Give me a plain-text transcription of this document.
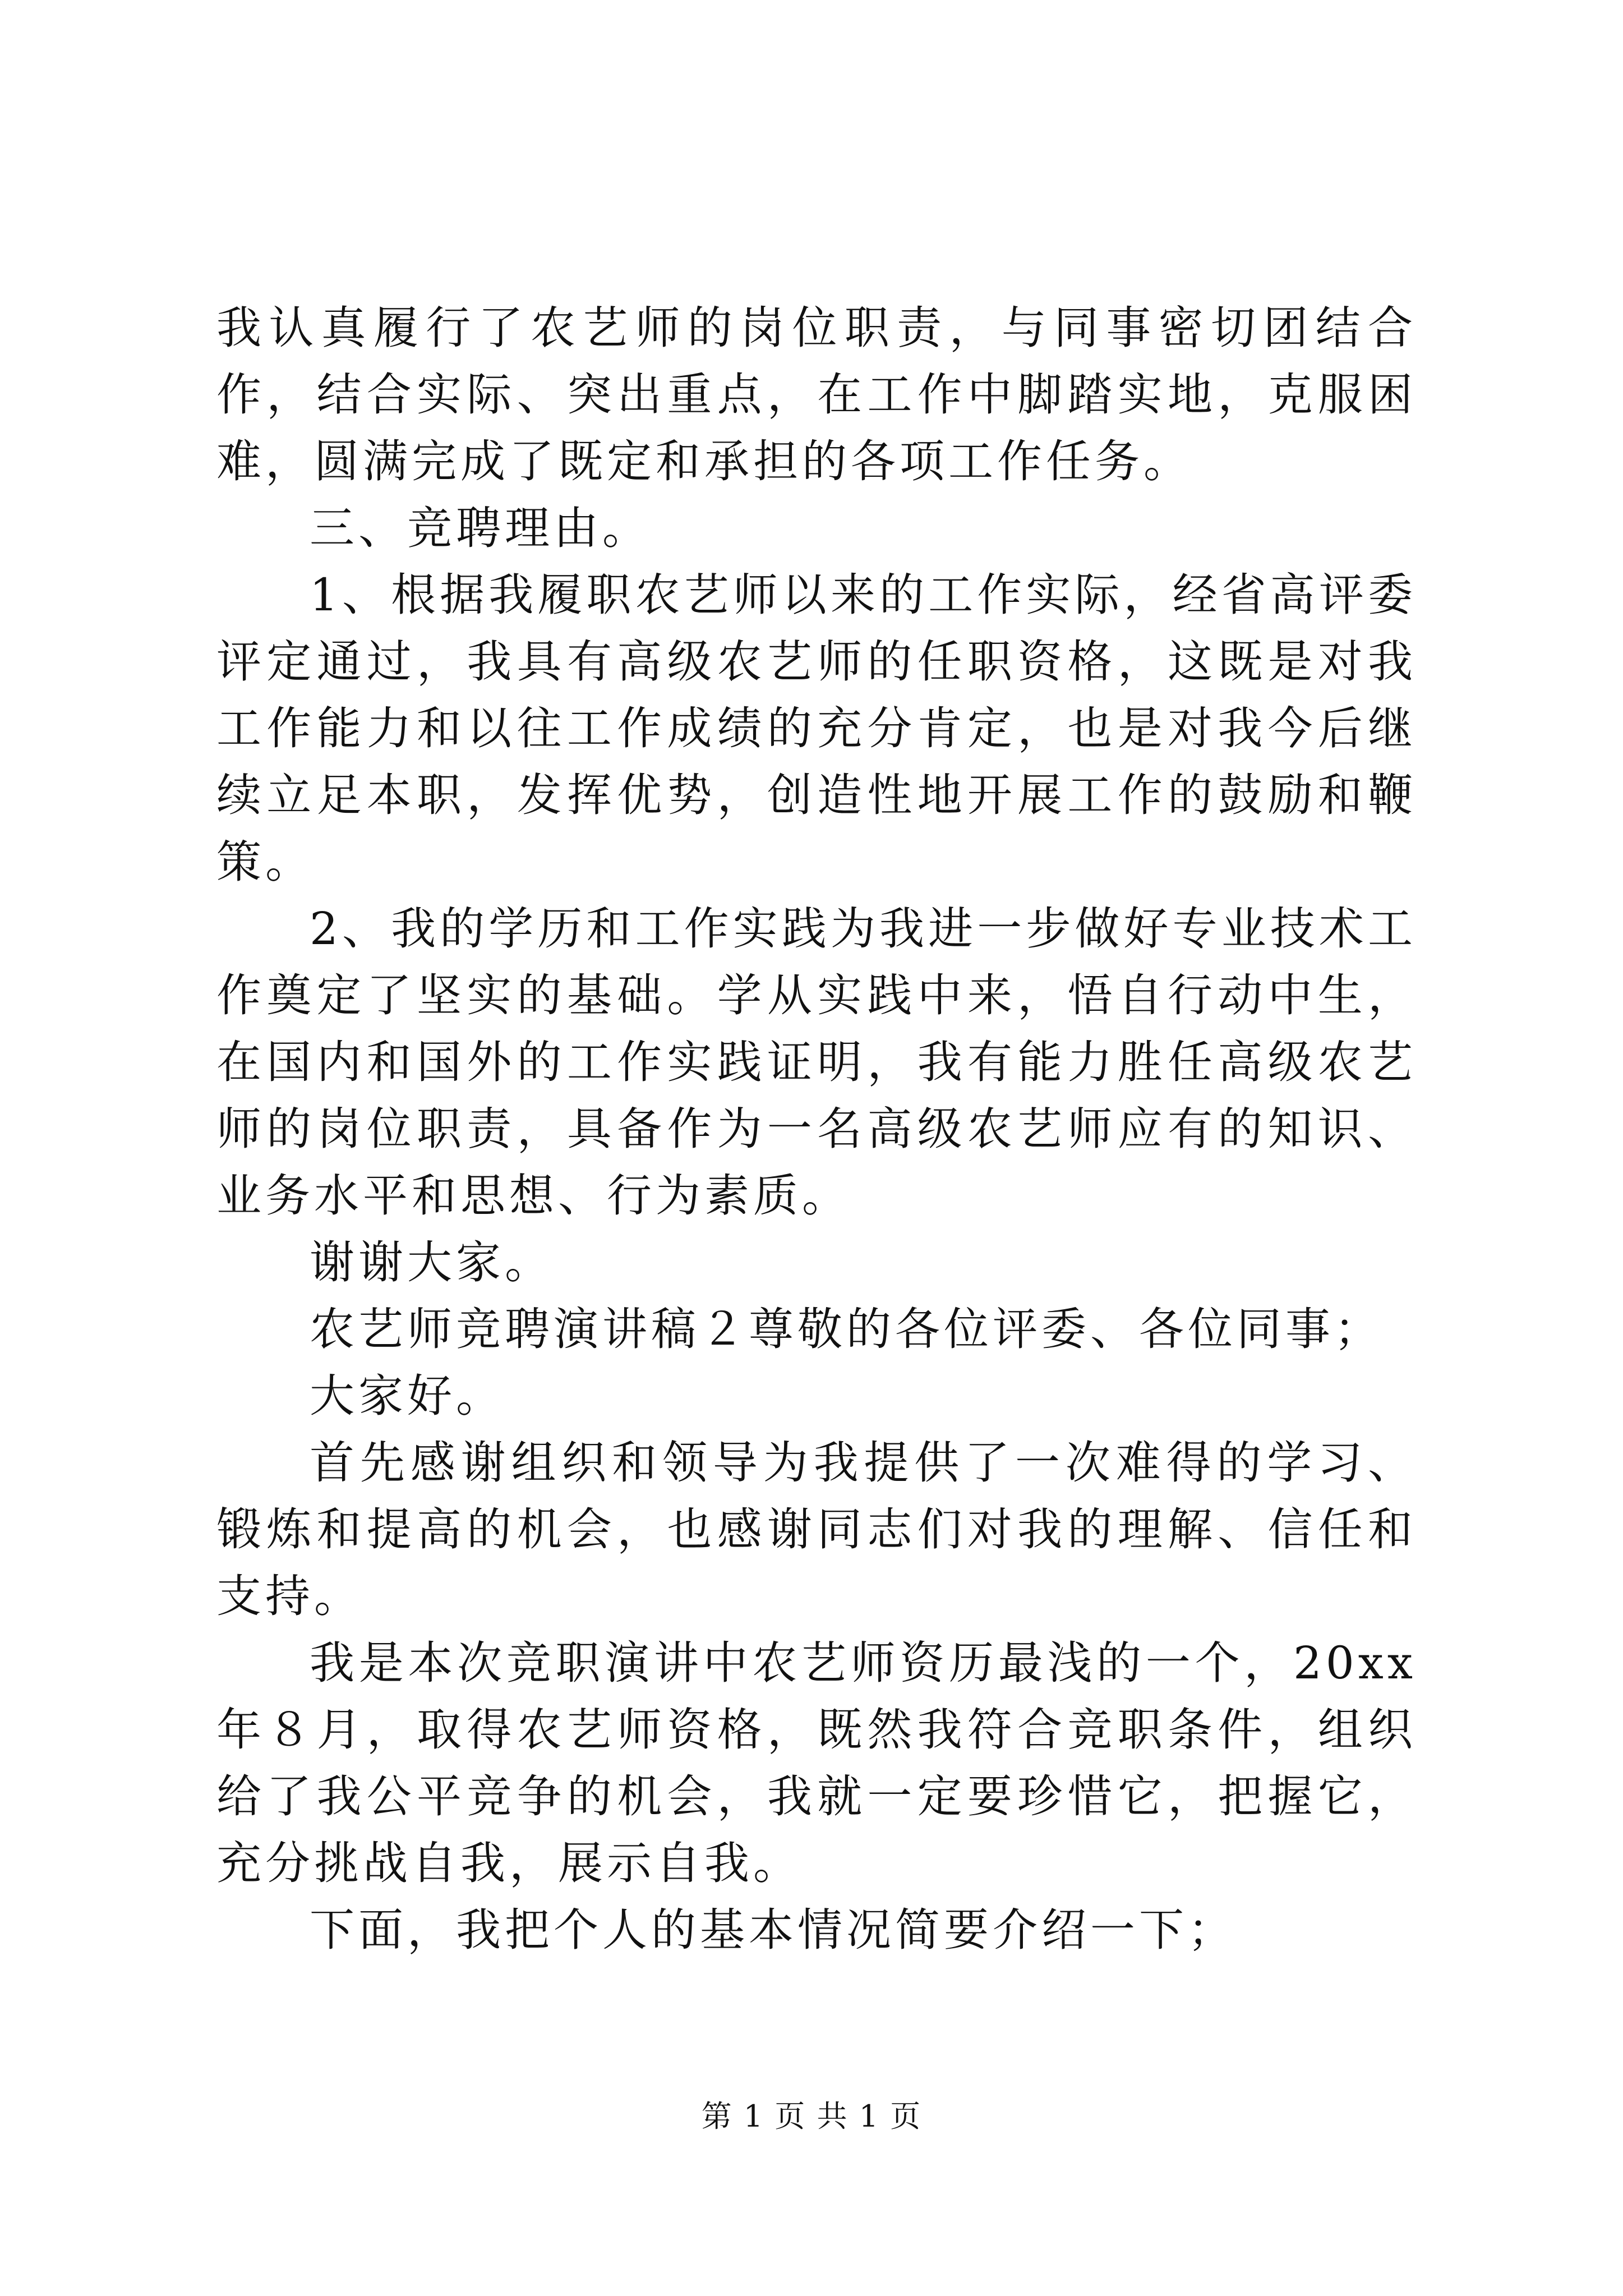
我认真履行了农艺师的岗位职责，与同事密切团结合作，结合实际、突出重点，在工作中脚踏实地，克服困难，圆满完成了既定和承担的各项工作任务。

三、竞聘理由。

1、根据我履职农艺师以来的工作实际，经省高评委评定通过，我具有高级农艺师的任职资格，这既是对我工作能力和以往工作成绩的充分肯定，也是对我今后继续立足本职，发挥优势，创造性地开展工作的鼓励和鞭策。

2、我的学历和工作实践为我进一步做好专业技术工作奠定了坚实的基础。学从实践中来，悟自行动中生，在国内和国外的工作实践证明，我有能力胜任高级农艺师的岗位职责，具备作为一名高级农艺师应有的知识、业务水平和思想、行为素质。

谢谢大家。

农艺师竞聘演讲稿２尊敬的各位评委、各位同事；

大家好。

首先感谢组织和领导为我提供了一次难得的学习、锻炼和提高的机会，也感谢同志们对我的理解、信任和支持。

我是本次竞职演讲中农艺师资历最浅的一个，20xx 年８月，取得农艺师资格，既然我符合竞职条件，组织给了我公平竞争的机会，我就一定要珍惜它，把握它，充分挑战自我，展示自我。

下面，我把个人的基本情况简要介绍一下；

第 1 页 共 1 页
